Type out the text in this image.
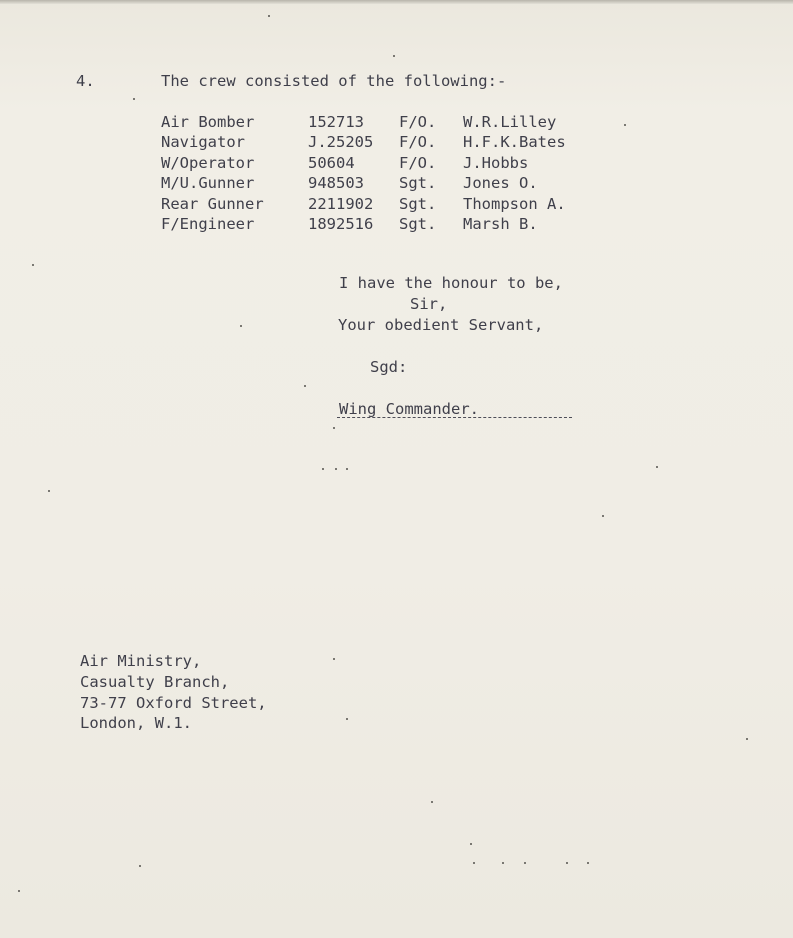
4.	The crew consisted of the following:-
Air Bomber	152713 F/O. W.R.Lilley
Navigator	J.25205 F/O. H.F.K.Bates
W/Operator	50604	F/O. J.Hobbs
M/U.Gunner	948503 Sgt. Jones O.
Rear Gunner	2211902 Sgt. Thompson A.
F/Engineer	1892516 Sgt. Marsh B.
I have the honour to be,
Sir,
Your obedient Servant,
Sgd:
Wing Commander.
Air Ministry,
Casualty Branch,
73-77 Oxford Street,
London, W.1.
